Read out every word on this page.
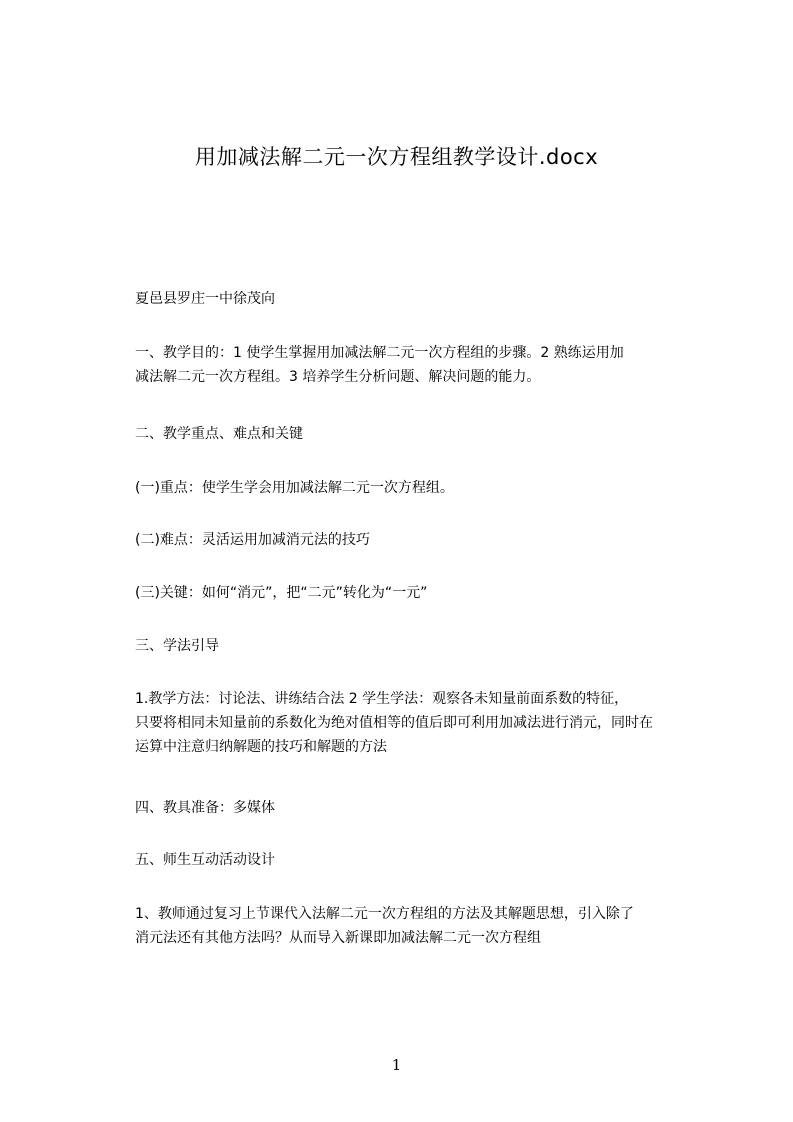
用加减法解二元一次方程组教学设计.docx
夏邑县罗庄一中徐茂向
一、教学目的：1 使学生掌握用加减法解二元一次方程组的步骤。2 熟练运用加
减法解二元一次方程组。3 培养学生分析问题、解决问题的能力。
二、教学重点、难点和关键
(一)重点：使学生学会用加减法解二元一次方程组。
(二)难点：灵活运用加减消元法的技巧
(三)关键：如何“消元”，把“二元”转化为“一元”
三、学法引导
1.教学方法：讨论法、讲练结合法 2 学生学法：观察各未知量前面系数的特征，
只要将相同未知量前的系数化为绝对值相等的值后即可利用加减法进行消元，同时在
运算中注意归纳解题的技巧和解题的方法
四、教具准备：多媒体
五、师生互动活动设计
1、教师通过复习上节课代入法解二元一次方程组的方法及其解题思想，引入除了
消元法还有其他方法吗？从而导入新课即加减法解二元一次方程组
1
